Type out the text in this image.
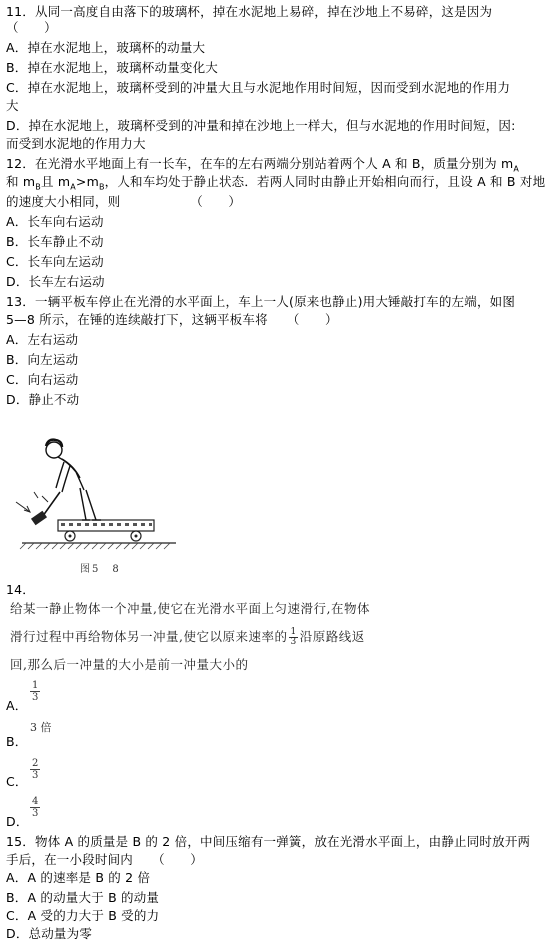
11．从同一高度自由落下的玻璃杯，掉在水泥地上易碎，掉在沙地上不易碎，这是因为
（　　）
A．掉在水泥地上，玻璃杯的动量大
B．掉在水泥地上，玻璃杯动量变化大
C．掉在水泥地上，玻璃杯受到的冲量大且与水泥地作用时间短，因而受到水泥地的作用力
大
D．掉在水泥地上，玻璃杯受到的冲量和掉在沙地上一样大，但与水泥地的作用时间短，因:
而受到水泥地的作用力大
12．在光滑水平地面上有一长车，在车的左右两端分别站着两个人 A 和 B，质量分别为 $m_A$
和 $m_B$且 $m_A>m_B$，人和车均处于静止状态．若两人同时由静止开始相向而行，且设 A 和 B 对地
的速度大小相同，则　　　　　　（　　）
A．长车向右运动
B．长车静止不动
C．长车向左运动
D．长车左右运动
13．一辆平板车停止在光滑的水平面上，车上一人(原来也静止)用大锤敲打车的左端，如图
5—8 所示，在锤的连续敲打下，这辆平板车将　　（　　）
A．左右运动
B．向左运动
C．向右运动
D．静止不动
图5　8
14．
给某一静止物体一个冲量,使它在光滑水平面上匀速滑行,在物体
滑行过程中再给物体另一冲量,使它以原来速率的 $\frac{1}{3}$ 沿原路线返
回,那么后一冲量的大小是前一冲量大小的
A．
$\frac{1}{3}$
B．
3 倍
C．
$\frac{2}{3}$
D．
$\frac{4}{3}$
15．物体 A 的质量是 B 的 2 倍，中间压缩有一弹簧，放在光滑水平面上，由静止同时放开两
手后，在一小段时间内　　（　　）
A．A 的速率是 B 的 2 倍
B．A 的动量大于 B 的动量
C．A 受的力大于 B 受的力
D．总动量为零
